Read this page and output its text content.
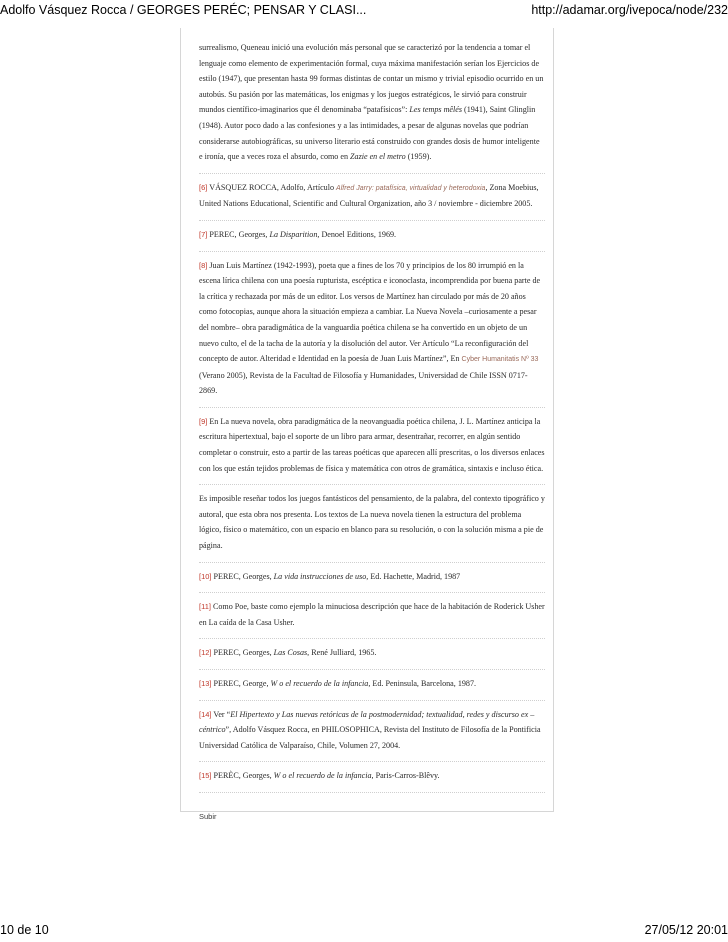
Adolfo Vásquez Rocca / GEORGES PERÉC; PENSAR Y CLASI...	http://adamar.org/ivepoca/node/232

surrealismo, Queneau inició una evolución más personal que se caracterizó por la tendencia a tomar el lenguaje como elemento de experimentación formal, cuya máxima manifestación serían los Ejercicios de estilo (1947), que presentan hasta 99 formas distintas de contar un mismo y trivial episodio ocurrido en un autobús. Su pasión por las matemáticas, los enigmas y los juegos estratégicos, le sirvió para construir mundos científico-imaginarios que él denominaba “patafísicos”: Les temps mêlés (1941), Saint Glinglin (1948). Autor poco dado a las confesiones y a las intimidades, a pesar de algunas novelas que podrían considerarse autobiográficas, su universo literario está construido con grandes dosis de humor inteligente e ironía, que a veces roza el absurdo, como en Zazie en el metro (1959).

[6] VÁSQUEZ ROCCA, Adolfo, Artículo Alfred Jarry: patafísica, virtualidad y heterodoxia, Zona Moebius, United Nations Educational, Scientific and Cultural Organization, año 3 / noviembre - diciembre 2005.

[7] PEREC, Georges, La Disparition, Denoel Editions, 1969.

[8] Juan Luis Martínez (1942-1993), poeta que a fines de los 70 y principios de los 80 irrumpió en la escena lírica chilena con una poesía rupturista, escéptica e iconoclasta, incomprendida por buena parte de la crítica y rechazada por más de un editor. Los versos de Martínez han circulado por más de 20 años como fotocopias, aunque ahora la situación empieza a cambiar. La Nueva Novela –curiosamente a pesar del nombre– obra paradigmática de la vanguardia poética chilena se ha convertido en un objeto de un nuevo culto, el de la tacha de la autoría y la disolución del autor. Ver Artículo “La reconfiguración del concepto de autor. Alteridad e Identidad en la poesía de Juan Luis Martínez”, En Cyber Humanitatis Nº 33 (Verano 2005), Revista de la Facultad de Filosofía y Humanidades, Universidad de Chile ISSN 0717-2869.

[9] En La nueva novela, obra paradigmática de la neovanguadia poética chilena, J. L. Martínez anticipa la escritura hipertextual, bajo el soporte de un libro para armar, desentrañar, recorrer, en algún sentido completar o construir, esto a partir de las tareas poéticas que aparecen allí prescritas, o los diversos enlaces con los que están tejidos problemas de física y matemática con otros de gramática, sintaxis e incluso ética.

Es imposible reseñar todos los juegos fantásticos del pensamiento, de la palabra, del contexto tipográfico y autoral, que esta obra nos presenta. Los textos de La nueva novela tienen la estructura del problema lógico, físico o matemático, con un espacio en blanco para su resolución, o con la solución misma a pie de página.

[10] PEREC, Georges, La vida instrucciones de uso, Ed. Hachette, Madrid, 1987

[11] Como Poe, baste como ejemplo la minuciosa descripción que hace de la habitación de Roderick Usher en La caída de la Casa Usher.

[12] PEREC, Georges, Las Cosas, René Julliard, 1965.

[13] PEREC, George, W o el recuerdo de la infancia, Ed. Peninsula, Barcelona, 1987.

[14] Ver “El Hipertexto y Las nuevas retóricas de la postmodernidad; textualidad, redes y discurso ex –céntrico”, Adolfo Vásquez Rocca, en PHILOSOPHICA, Revista del Instituto de Filosofía de la Pontificia Universidad Católica de Valparaíso, Chile, Volumen 27, 2004.

[15] PERÈC, Georges, W o el recuerdo de la infancia, Paris-Carros-Blêvy.

Subir
10 de 10	27/05/12 20:01
